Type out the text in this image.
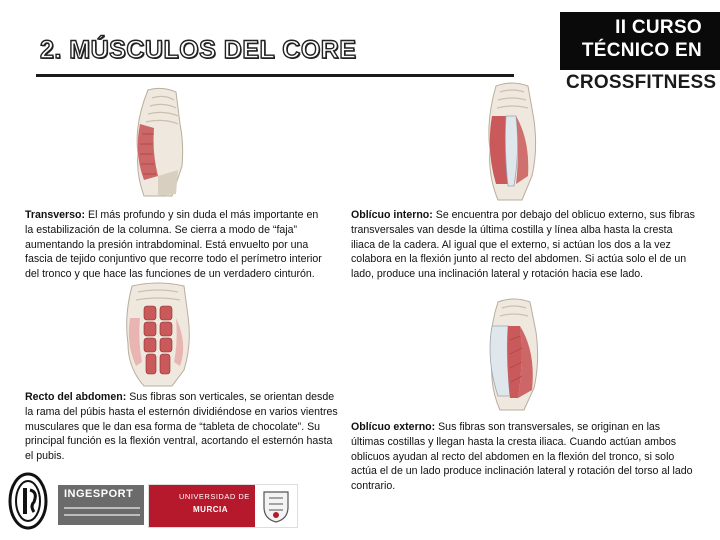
2. MÚSCULOS DEL CORE
II CURSO
TÉCNICO EN
CROSSFITNESS
Transverso: El más profundo y sin duda el más importante en la estabilización de la columna. Se cierra a modo de “faja” aumentando la presión intrabdominal. Está envuelto por una fascia de tejido conjuntivo que recorre todo el perímetro interior del tronco y que hace las funciones de un verdadero cinturón.
Oblícuo interno: Se encuentra por debajo del oblicuo externo, sus fibras transversales van desde la última costilla y línea alba hasta la cresta iliaca de la cadera. Al igual que el externo, si actúan los dos a la vez colabora en la flexión junto al recto del abdomen. Si actúa solo el de un lado, produce una inclinación lateral y rotación hacia ese lado.
Recto del abdomen: Sus fibras son verticales, se orientan desde la rama del púbis hasta el esternón dividiéndose en varios vientres musculares que le dan esa forma de “tableta de chocolate”. Su principal función es la flexión ventral, acortando el esternón hasta el pubis.
Oblícuo externo: Sus fibras son transversales, se originan en las últimas costillas y llegan hasta la cresta iliaca. Cuando actúan ambos oblicuos ayudan al recto del abdomen en la flexión del tronco, si solo actúa el de un lado produce inclinación lateral y rotación del torso al lado contrario.
INGESPORT	UNIVERSIDAD DE
MURCIA
